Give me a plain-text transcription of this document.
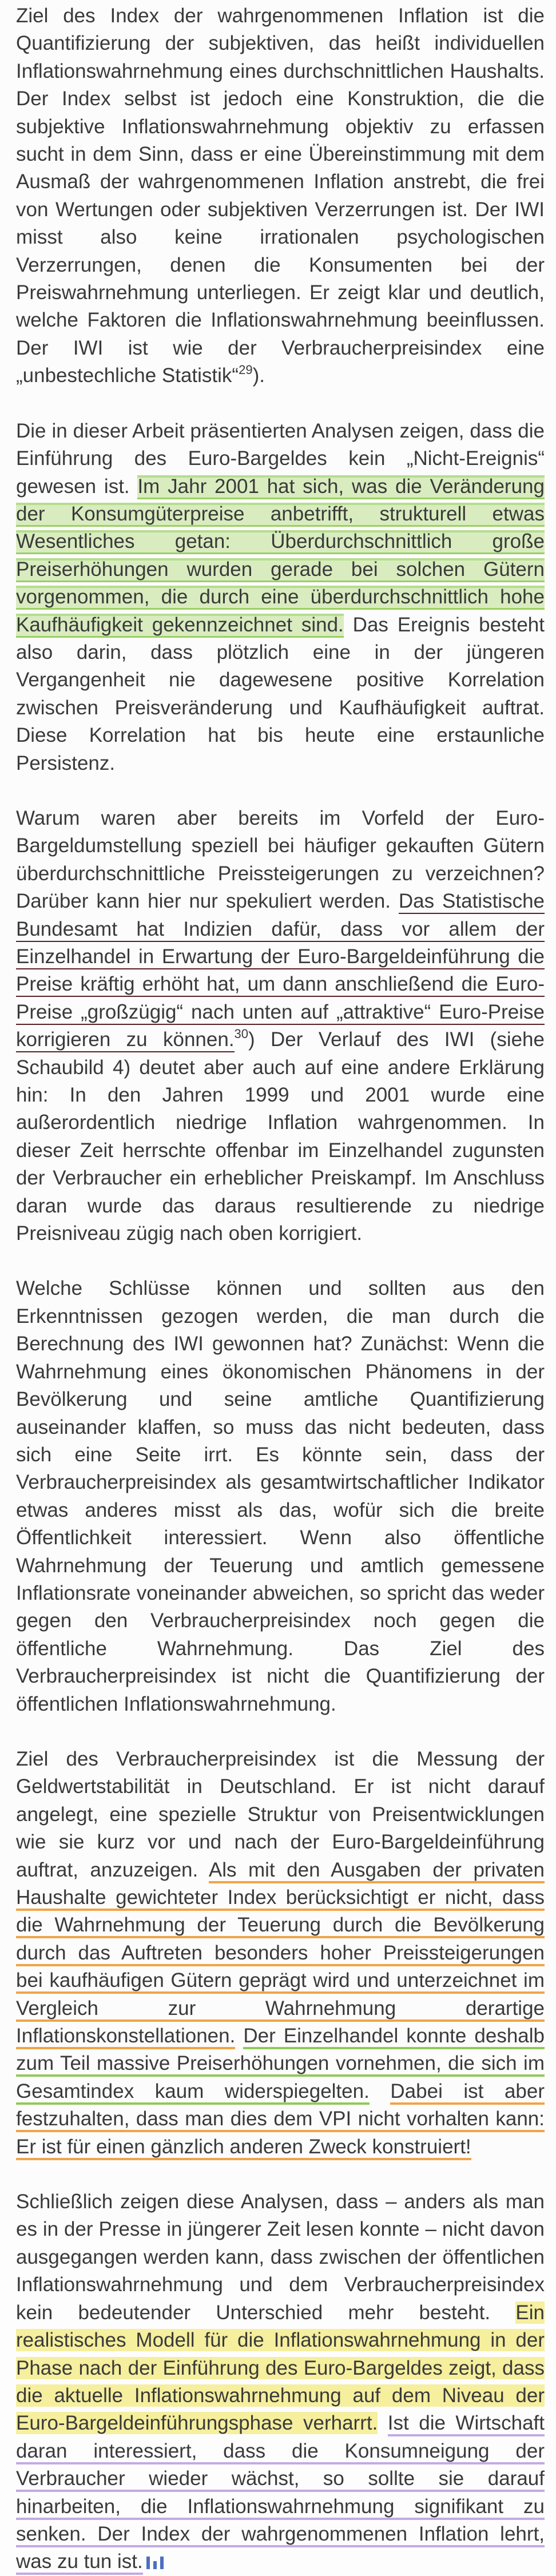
Ziel des Index der wahrgenommenen Inflation ist die Quantifizierung der subjektiven, das heißt individuellen Inflationswahrnehmung eines durchschnittlichen Haushalts. Der Index selbst ist jedoch eine Konstruktion, die die subjektive Inflationswahrnehmung objektiv zu erfassen sucht in dem Sinn, dass er eine Übereinstimmung mit dem Ausmaß der wahrgenommenen Inflation anstrebt, die frei von Wertungen oder subjektiven Verzerrungen ist. Der IWI misst also keine irrationalen psychologischen Verzerrungen, denen die Konsumenten bei der Preiswahrnehmung unterliegen. Er zeigt klar und deutlich, welche Faktoren die Inflationswahrnehmung beeinflussen. Der IWI ist wie der Verbraucherpreisindex eine „unbestechliche Statistik“$^{29}$).

Die in dieser Arbeit präsentierten Analysen zeigen, dass die Einführung des Euro-Bargeldes kein „Nicht-Ereignis“ gewesen ist. Im Jahr 2001 hat sich, was die Veränderung der Konsumgüterpreise anbetrifft, strukturell etwas Wesentliches getan: Überdurchschnittlich große Preiserhöhungen wurden gerade bei solchen Gütern vorgenommen, die durch eine überdurchschnittlich hohe Kaufhäufigkeit gekennzeichnet sind. Das Ereignis besteht also darin, dass plötzlich eine in der jüngeren Vergangenheit nie dagewesene positive Korrelation zwischen Preisveränderung und Kaufhäufigkeit auftrat. Diese Korrelation hat bis heute eine erstaunliche Persistenz.

Warum waren aber bereits im Vorfeld der Euro-Bargeldumstellung speziell bei häufiger gekauften Gütern überdurchschnittliche Preissteigerungen zu verzeichnen? Darüber kann hier nur spekuliert werden. Das Statistische Bundesamt hat Indizien dafür, dass vor allem der Einzelhandel in Erwartung der Euro-Bargeldeinführung die Preise kräftig erhöht hat, um dann anschließend die Euro-Preise „großzügig“ nach unten auf „attraktive“ Euro-Preise korrigieren zu können.$^{30}$) Der Verlauf des IWI (siehe Schaubild 4) deutet aber auch auf eine andere Erklärung hin: In den Jahren 1999 und 2001 wurde eine außerordentlich niedrige Inflation wahrgenommen. In dieser Zeit herrschte offenbar im Einzelhandel zugunsten der Verbraucher ein erheblicher Preiskampf. Im Anschluss daran wurde das daraus resultierende zu niedrige Preisniveau zügig nach oben korrigiert.

Welche Schlüsse können und sollten aus den Erkenntnissen gezogen werden, die man durch die Berechnung des IWI gewonnen hat? Zunächst: Wenn die Wahrnehmung eines ökonomischen Phänomens in der Bevölkerung und seine amtliche Quantifizierung auseinander klaffen, so muss das nicht bedeuten, dass sich eine Seite irrt. Es könnte sein, dass der Verbraucherpreisindex als gesamtwirtschaftlicher Indikator etwas anderes misst als das, wofür sich die breite Öffentlichkeit interessiert. Wenn also öffentliche Wahrnehmung der Teuerung und amtlich gemessene Inflationsrate voneinander abweichen, so spricht das weder gegen den Verbraucherpreisindex noch gegen die öffentliche Wahrnehmung. Das Ziel des Verbraucherpreisindex ist nicht die Quantifizierung der öffentlichen Inflationswahrnehmung.

Ziel des Verbraucherpreisindex ist die Messung der Geldwertstabilität in Deutschland. Er ist nicht darauf angelegt, eine spezielle Struktur von Preisentwicklungen wie sie kurz vor und nach der Euro-Bargeldeinführung auftrat, anzuzeigen. Als mit den Ausgaben der privaten Haushalte gewichteter Index berücksichtigt er nicht, dass die Wahrnehmung der Teuerung durch die Bevölkerung durch das Auftreten besonders hoher Preissteigerungen bei kaufhäufigen Gütern geprägt wird und unterzeichnet im Vergleich zur Wahrnehmung derartige Inflationskonstellationen. Der Einzelhandel konnte deshalb zum Teil massive Preiserhöhungen vornehmen, die sich im Gesamtindex kaum widerspiegelten. Dabei ist aber festzuhalten, dass man dies dem VPI nicht vorhalten kann: Er ist für einen gänzlich anderen Zweck konstruiert!

Schließlich zeigen diese Analysen, dass – anders als man es in der Presse in jüngerer Zeit lesen konnte – nicht davon ausgegangen werden kann, dass zwischen der öffentlichen Inflationswahrnehmung und dem Verbraucherpreisindex kein bedeutender Unterschied mehr besteht. Ein realistisches Modell für die Inflationswahrnehmung in der Phase nach der Einführung des Euro-Bargeldes zeigt, dass die aktuelle Inflationswahrnehmung auf dem Niveau der Euro-Bargeldeinführungsphase verharrt. Ist die Wirtschaft daran interessiert, dass die Konsumneigung der Verbraucher wieder wächst, so sollte sie darauf hinarbeiten, die Inflationswahrnehmung signifikant zu senken. Der Index der wahrgenommenen Inflation lehrt, was zu tun ist.
